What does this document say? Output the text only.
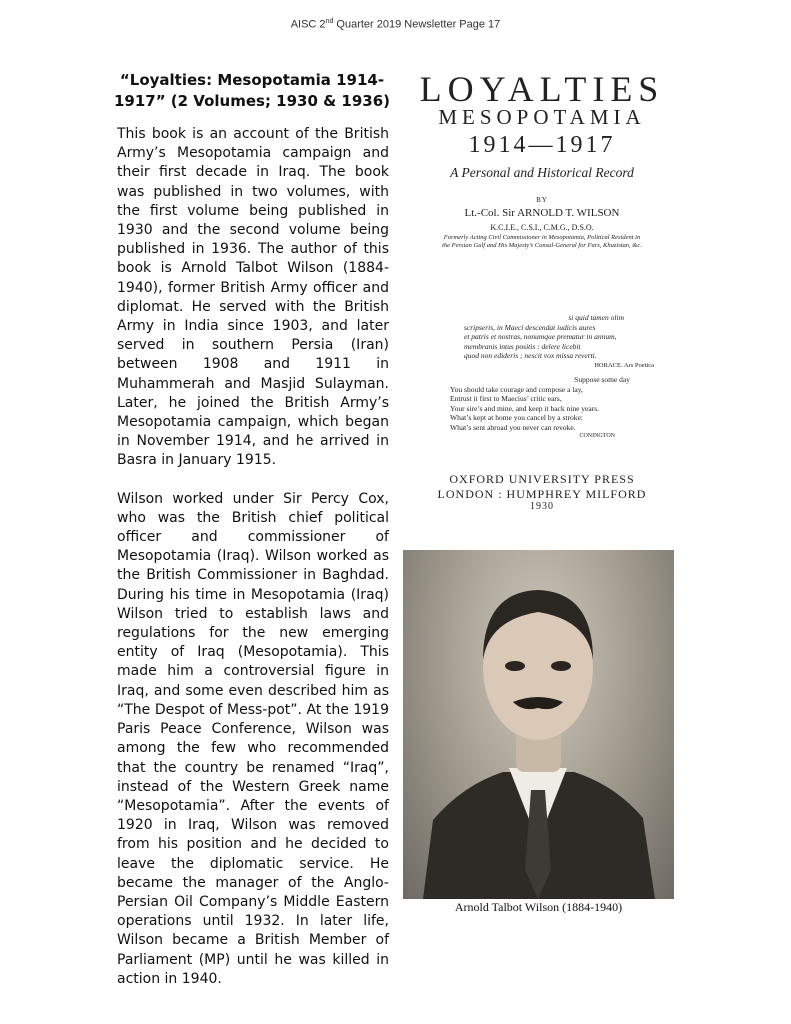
AISC 2nd Quarter 2019 Newsletter Page 17
“Loyalties: Mesopotamia 1914-1917” (2 Volumes; 1930 & 1936)

This book is an account of the British Army’s Mesopotamia campaign and their first decade in Iraq. The book was published in two volumes, with the first volume being published in 1930 and the second volume being published in 1936. The author of this book is Arnold Talbot Wilson (1884-1940), former British Army officer and diplomat. He served with the British Army in India since 1903, and later served in southern Persia (Iran) between 1908 and 1911 in Muhammerah and Masjid Sulayman. Later, he joined the British Army’s Mesopotamia campaign, which began in November 1914, and he arrived in Basra in January 1915.

Wilson worked under Sir Percy Cox, who was the British chief political officer and commissioner of Mesopotamia (Iraq). Wilson worked as the British Commissioner in Baghdad. During his time in Mesopotamia (Iraq) Wilson tried to establish laws and regulations for the new emerging entity of Iraq (Mesopotamia). This made him a controversial figure in Iraq, and some even described him as “The Despot of Mess-pot”. At the 1919 Paris Peace Conference, Wilson was among the few who recommended that the country be renamed “Iraq”, instead of the Western Greek name “Mesopotamia”. After the events of 1920 in Iraq, Wilson was removed from his position and he decided to leave the diplomatic service. He became the manager of the Anglo-Persian Oil Company’s Middle Eastern operations until 1932. In later life, Wilson became a British Member of Parliament (MP) until he was killed in action in 1940.

LOYALTIES
MESOPOTAMIA
1914—1917
A Personal and Historical Record
BY
Lt.-Col. Sir ARNOLD T. WILSON
K.C.I.E., C.S.I., C.M.G., D.S.O.
Formerly Acting Civil Commissioner in Mesopotamia, Political Resident in the Persian Gulf and His Majesty’s Consul-General for Fars, Khuzistan, &c.
si quid tamen olim
scripseris, in Maeci descendat iudicis aures
et patris et nostras, nonumque prematur in annum,
membranis intus positis : delere licebit
quod non edideris ; nescit vox missa reverti.
HORACE. Ars Poetica
Suppose some day
You should take courage and compose a lay,
Entrust it first to Maecius’ critic ears,
Your sire’s and mine, and keep it back nine years.
What’s kept at home you cancel by a stroke:
What’s sent abroad you never can revoke.
CONINGTON
OXFORD UNIVERSITY PRESS
LONDON : HUMPHREY MILFORD
1930
Arnold Talbot Wilson (1884-1940)
